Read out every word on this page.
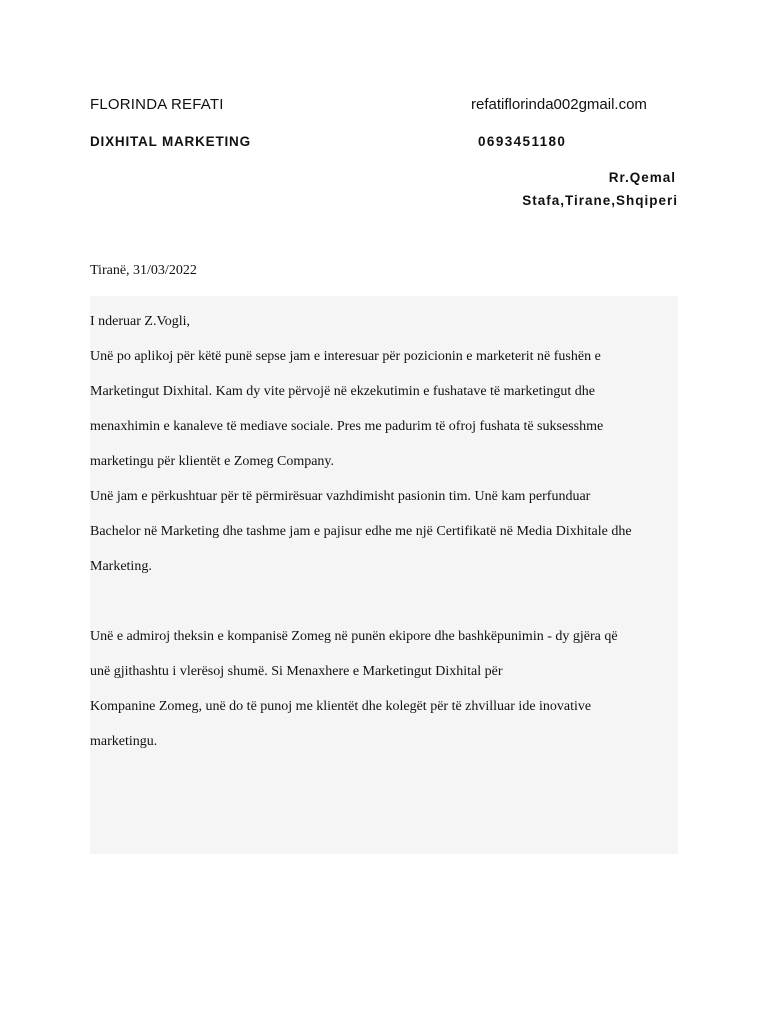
FLORINDA REFATI	refatiflorinda002gmail.com
DIXHITAL MARKETING	0693451180
Rr.Qemal
Stafa,Tirane,Shqiperi
Tiranë, 31/03/2022
I nderuar Z.Vogli,
Unë po aplikoj për këtë punë sepse jam e interesuar për pozicionin e marketerit në fushën e
Marketingut Dixhital. Kam dy vite përvojë në ekzekutimin e fushatave të marketingut dhe
menaxhimin e kanaleve të mediave sociale. Pres me padurim të ofroj fushata të suksesshme
marketingu për klientët e Zomeg Company.
Unë jam e përkushtuar për të përmirësuar vazhdimisht pasionin tim. Unë kam perfunduar
Bachelor në Marketing dhe tashme jam e pajisur edhe me një Certifikatë në Media Dixhitale dhe
Marketing.
Unë e admiroj theksin e kompanisë Zomeg në punën ekipore dhe bashkëpunimin - dy gjëra që
unë gjithashtu i vlerësoj shumë. Si Menaxhere e Marketingut Dixhital për
Kompanine Zomeg, unë do të punoj me klientët dhe kolegët për të zhvilluar ide inovative
marketingu.
